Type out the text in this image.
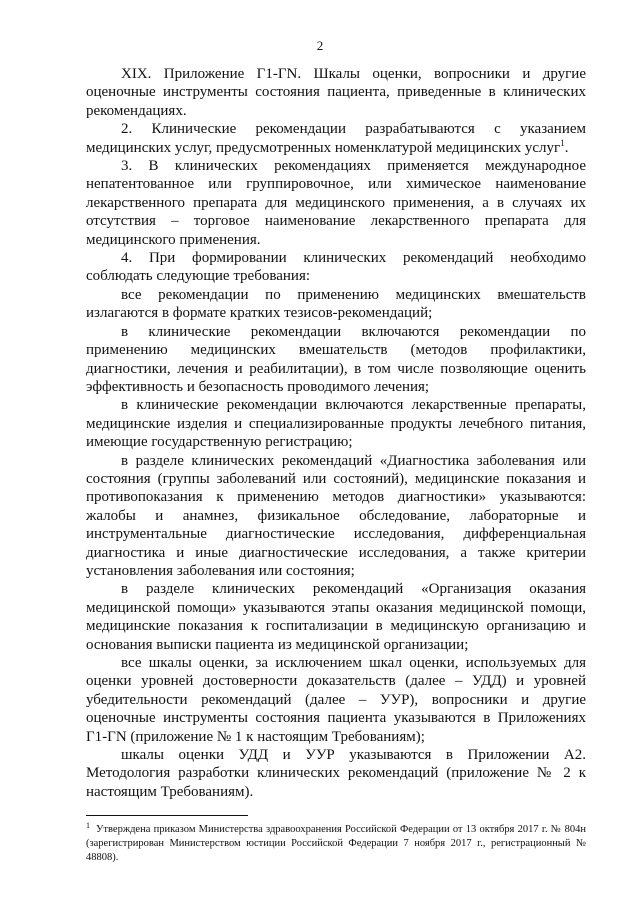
2

XIX. Приложение Г1-ГN. Шкалы оценки, вопросники и другие оценочные инструменты состояния пациента, приведенные в клинических рекомендациях.

2. Клинические рекомендации разрабатываются с указанием медицинских услуг, предусмотренных номенклатурой медицинских услуг$^1$.

3. В клинических рекомендациях применяется международное непатентованное или группировочное, или химическое наименование лекарственного препарата для медицинского применения, а в случаях их отсутствия – торговое наименование лекарственного препарата для медицинского применения.

4. При формировании клинических рекомендаций необходимо соблюдать следующие требования:

все рекомендации по применению медицинских вмешательств излагаются в формате кратких тезисов-рекомендаций;

в клинические рекомендации включаются рекомендации по применению медицинских вмешательств (методов профилактики, диагностики, лечения и реабилитации), в том числе позволяющие оценить эффективность и безопасность проводимого лечения;

в клинические рекомендации включаются лекарственные препараты, медицинские изделия и специализированные продукты лечебного питания, имеющие государственную регистрацию;

в разделе клинических рекомендаций «Диагностика заболевания или состояния (группы заболеваний или состояний), медицинские показания и противопоказания к применению методов диагностики» указываются: жалобы и анамнез, физикальное обследование, лабораторные и инструментальные диагностические исследования, дифференциальная диагностика и иные диагностические исследования, а также критерии установления заболевания или состояния;

в разделе клинических рекомендаций «Организация оказания медицинской помощи» указываются этапы оказания медицинской помощи, медицинские показания к госпитализации в медицинскую организацию и основания выписки пациента из медицинской организации;

все шкалы оценки, за исключением шкал оценки, используемых для оценки уровней достоверности доказательств (далее – УДД) и уровней убедительности рекомендаций (далее – УУР), вопросники и другие оценочные инструменты состояния пациента указываются в Приложениях Г1-ГN (приложение № 1 к настоящим Требованиям);

шкалы оценки УДД и УУР указываются в Приложении А2. Методология разработки клинических рекомендаций (приложение № 2 к настоящим Требованиям).

$^1$ Утверждена приказом Министерства здравоохранения Российской Федерации от 13 октября 2017 г. № 804н (зарегистрирован Министерством юстиции Российской Федерации 7 ноября 2017 г., регистрационный № 48808).
